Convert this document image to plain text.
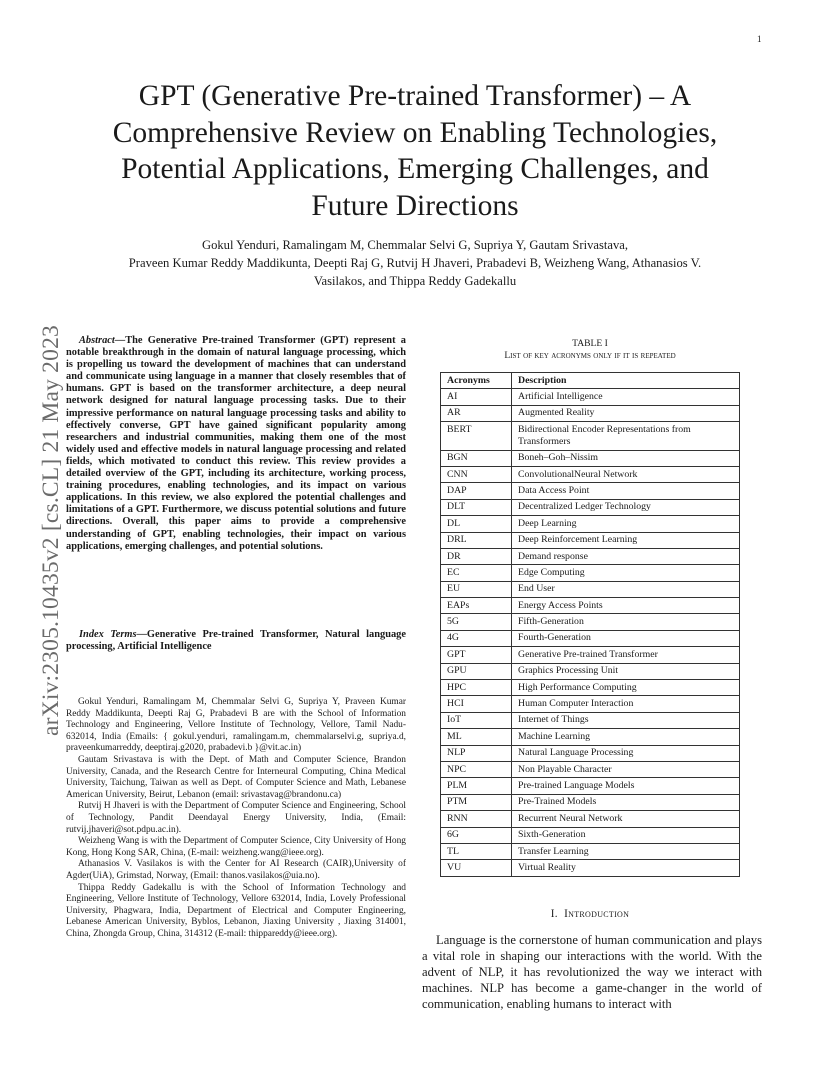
1
arXiv:2305.10435v2 [cs.CL] 21 May 2023
GPT (Generative Pre-trained Transformer) – A
Comprehensive Review on Enabling Technologies,
Potential Applications, Emerging Challenges, and
Future Directions
Gokul Yenduri, Ramalingam M, Chemmalar Selvi G, Supriya Y, Gautam Srivastava,
Praveen Kumar Reddy Maddikunta, Deepti Raj G, Rutvij H Jhaveri, Prabadevi B, Weizheng Wang, Athanasios V.
Vasilakos, and Thippa Reddy Gadekallu

Abstract—The Generative Pre-trained Transformer (GPT) represent a notable breakthrough in the domain of natural language processing, which is propelling us toward the development of machines that can understand and communicate using language in a manner that closely resembles that of humans. GPT is based on the transformer architecture, a deep neural network designed for natural language processing tasks. Due to their impressive performance on natural language processing tasks and ability to effectively converse, GPT have gained significant popularity among researchers and industrial communities, making them one of the most widely used and effective models in natural language processing and related fields, which motivated to conduct this review. This review provides a detailed overview of the GPT, including its architecture, working process, training procedures, enabling technologies, and its impact on various applications. In this review, we also explored the potential challenges and limitations of a GPT. Furthermore, we discuss potential solutions and future directions. Overall, this paper aims to provide a comprehensive understanding of GPT, enabling technologies, their impact on various applications, emerging challenges, and potential solutions.

Index Terms—Generative Pre-trained Transformer, Natural language processing, Artificial Intelligence

Gokul Yenduri, Ramalingam M, Chemmalar Selvi G, Supriya Y, Praveen Kumar Reddy Maddikunta, Deepti Raj G, Prabadevi B are with the School of Information Technology and Engineering, Vellore Institute of Technology, Vellore, Tamil Nadu- 632014, India (Emails: { gokul.yenduri, ramalingam.m, chemmalarselvi.g, supriya.d, praveenkumarreddy, deeptiraj.g2020, prabadevi.b }@vit.ac.in)

Gautam Srivastava is with the Dept. of Math and Computer Science, Brandon University, Canada, and the Research Centre for Interneural Computing, China Medical University, Taichung, Taiwan as well as Dept. of Computer Science and Math, Lebanese American University, Beirut, Lebanon (email: srivastavag@brandonu.ca)

Rutvij H Jhaveri is with the Department of Computer Science and Engineering, School of Technology, Pandit Deendayal Energy University, India, (Email: rutvij.jhaveri@sot.pdpu.ac.in).

Weizheng Wang is with the Department of Computer Science, City University of Hong Kong, Hong Kong SAR, China, (E-mail: weizheng.wang@ieee.org).

Athanasios V. Vasilakos is with the Center for AI Research (CAIR),University of Agder(UiA), Grimstad, Norway, (Email: thanos.vasilakos@uia.no).

Thippa Reddy Gadekallu is with the School of Information Technology and Engineering, Vellore Institute of Technology, Vellore 632014, India, Lovely Professional University, Phagwara, India, Department of Electrical and Computer Engineering, Lebanese American University, Byblos, Lebanon, Jiaxing University , Jiaxing 314001, China, Zhongda Group, China, 314312 (E-mail: thippareddy@ieee.org).

TABLE I
List of key acronyms only if it is repeated
Acronyms	Description
AI	Artificial Intelligence
AR	Augmented Reality
BERT	Bidirectional Encoder Representations from Transformers
BGN	Boneh–Goh–Nissim
CNN	ConvolutionalNeural Network
DAP	Data Access Point
DLT	Decentralized Ledger Technology
DL	Deep Learning
DRL	Deep Reinforcement Learning
DR	Demand response
EC	Edge Computing
EU	End User
EAPs	Energy Access Points
5G	Fifth-Generation
4G	Fourth-Generation
GPT	Generative Pre-trained Transformer
GPU	Graphics Processing Unit
HPC	High Performance Computing
HCI	Human Computer Interaction
IoT	Internet of Things
ML	Machine Learning
NLP	Natural Language Processing
NPC	Non Playable Character
PLM	Pre-trained Language Models
PTM	Pre-Trained Models
RNN	Recurrent Neural Network
6G	Sixth-Generation
TL	Transfer Learning
VU	Virtual Reality
I. Introduction

Language is the cornerstone of human communication and plays a vital role in shaping our interactions with the world. With the advent of NLP, it has revolutionized the way we interact with machines. NLP has become a game-changer in the world of communication, enabling humans to interact with
